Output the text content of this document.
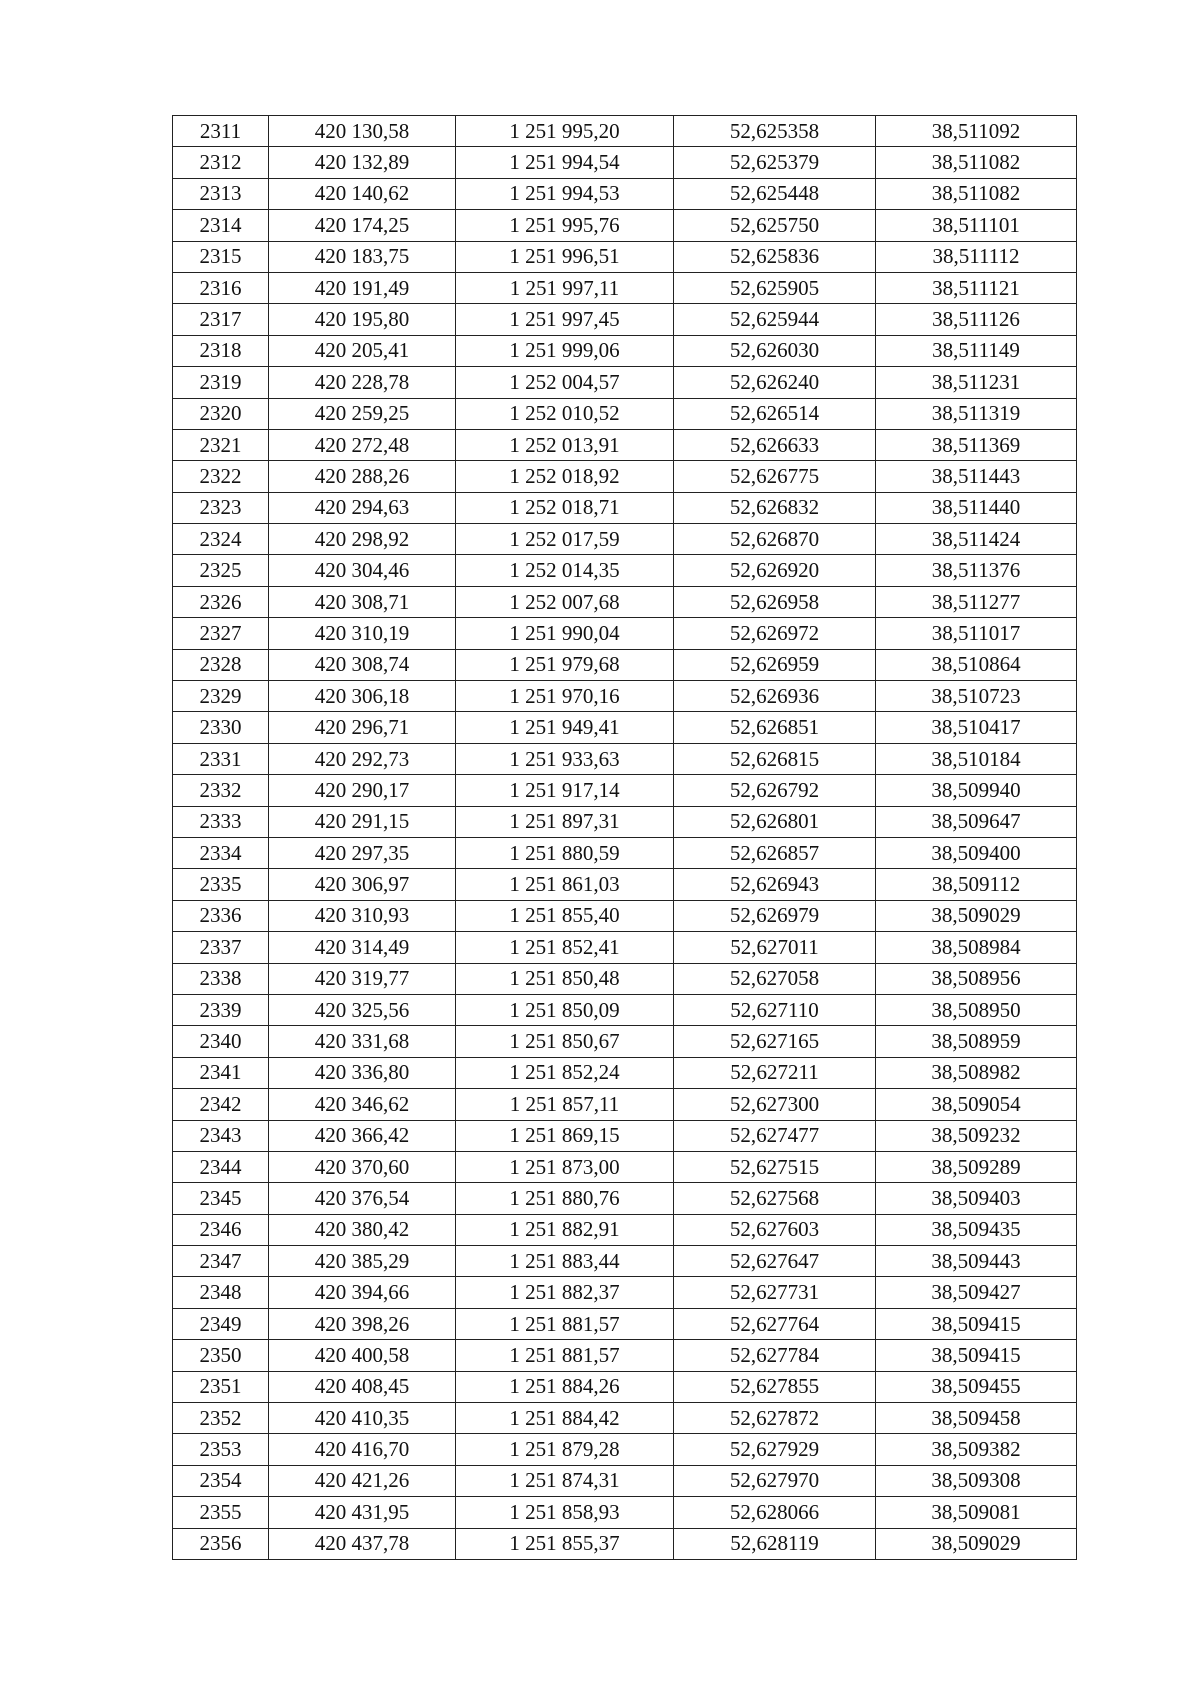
2311	420 130,58	1 251 995,20	52,625358	38,511092
2312	420 132,89	1 251 994,54	52,625379	38,511082
2313	420 140,62	1 251 994,53	52,625448	38,511082
2314	420 174,25	1 251 995,76	52,625750	38,511101
2315	420 183,75	1 251 996,51	52,625836	38,511112
2316	420 191,49	1 251 997,11	52,625905	38,511121
2317	420 195,80	1 251 997,45	52,625944	38,511126
2318	420 205,41	1 251 999,06	52,626030	38,511149
2319	420 228,78	1 252 004,57	52,626240	38,511231
2320	420 259,25	1 252 010,52	52,626514	38,511319
2321	420 272,48	1 252 013,91	52,626633	38,511369
2322	420 288,26	1 252 018,92	52,626775	38,511443
2323	420 294,63	1 252 018,71	52,626832	38,511440
2324	420 298,92	1 252 017,59	52,626870	38,511424
2325	420 304,46	1 252 014,35	52,626920	38,511376
2326	420 308,71	1 252 007,68	52,626958	38,511277
2327	420 310,19	1 251 990,04	52,626972	38,511017
2328	420 308,74	1 251 979,68	52,626959	38,510864
2329	420 306,18	1 251 970,16	52,626936	38,510723
2330	420 296,71	1 251 949,41	52,626851	38,510417
2331	420 292,73	1 251 933,63	52,626815	38,510184
2332	420 290,17	1 251 917,14	52,626792	38,509940
2333	420 291,15	1 251 897,31	52,626801	38,509647
2334	420 297,35	1 251 880,59	52,626857	38,509400
2335	420 306,97	1 251 861,03	52,626943	38,509112
2336	420 310,93	1 251 855,40	52,626979	38,509029
2337	420 314,49	1 251 852,41	52,627011	38,508984
2338	420 319,77	1 251 850,48	52,627058	38,508956
2339	420 325,56	1 251 850,09	52,627110	38,508950
2340	420 331,68	1 251 850,67	52,627165	38,508959
2341	420 336,80	1 251 852,24	52,627211	38,508982
2342	420 346,62	1 251 857,11	52,627300	38,509054
2343	420 366,42	1 251 869,15	52,627477	38,509232
2344	420 370,60	1 251 873,00	52,627515	38,509289
2345	420 376,54	1 251 880,76	52,627568	38,509403
2346	420 380,42	1 251 882,91	52,627603	38,509435
2347	420 385,29	1 251 883,44	52,627647	38,509443
2348	420 394,66	1 251 882,37	52,627731	38,509427
2349	420 398,26	1 251 881,57	52,627764	38,509415
2350	420 400,58	1 251 881,57	52,627784	38,509415
2351	420 408,45	1 251 884,26	52,627855	38,509455
2352	420 410,35	1 251 884,42	52,627872	38,509458
2353	420 416,70	1 251 879,28	52,627929	38,509382
2354	420 421,26	1 251 874,31	52,627970	38,509308
2355	420 431,95	1 251 858,93	52,628066	38,509081
2356	420 437,78	1 251 855,37	52,628119	38,509029
